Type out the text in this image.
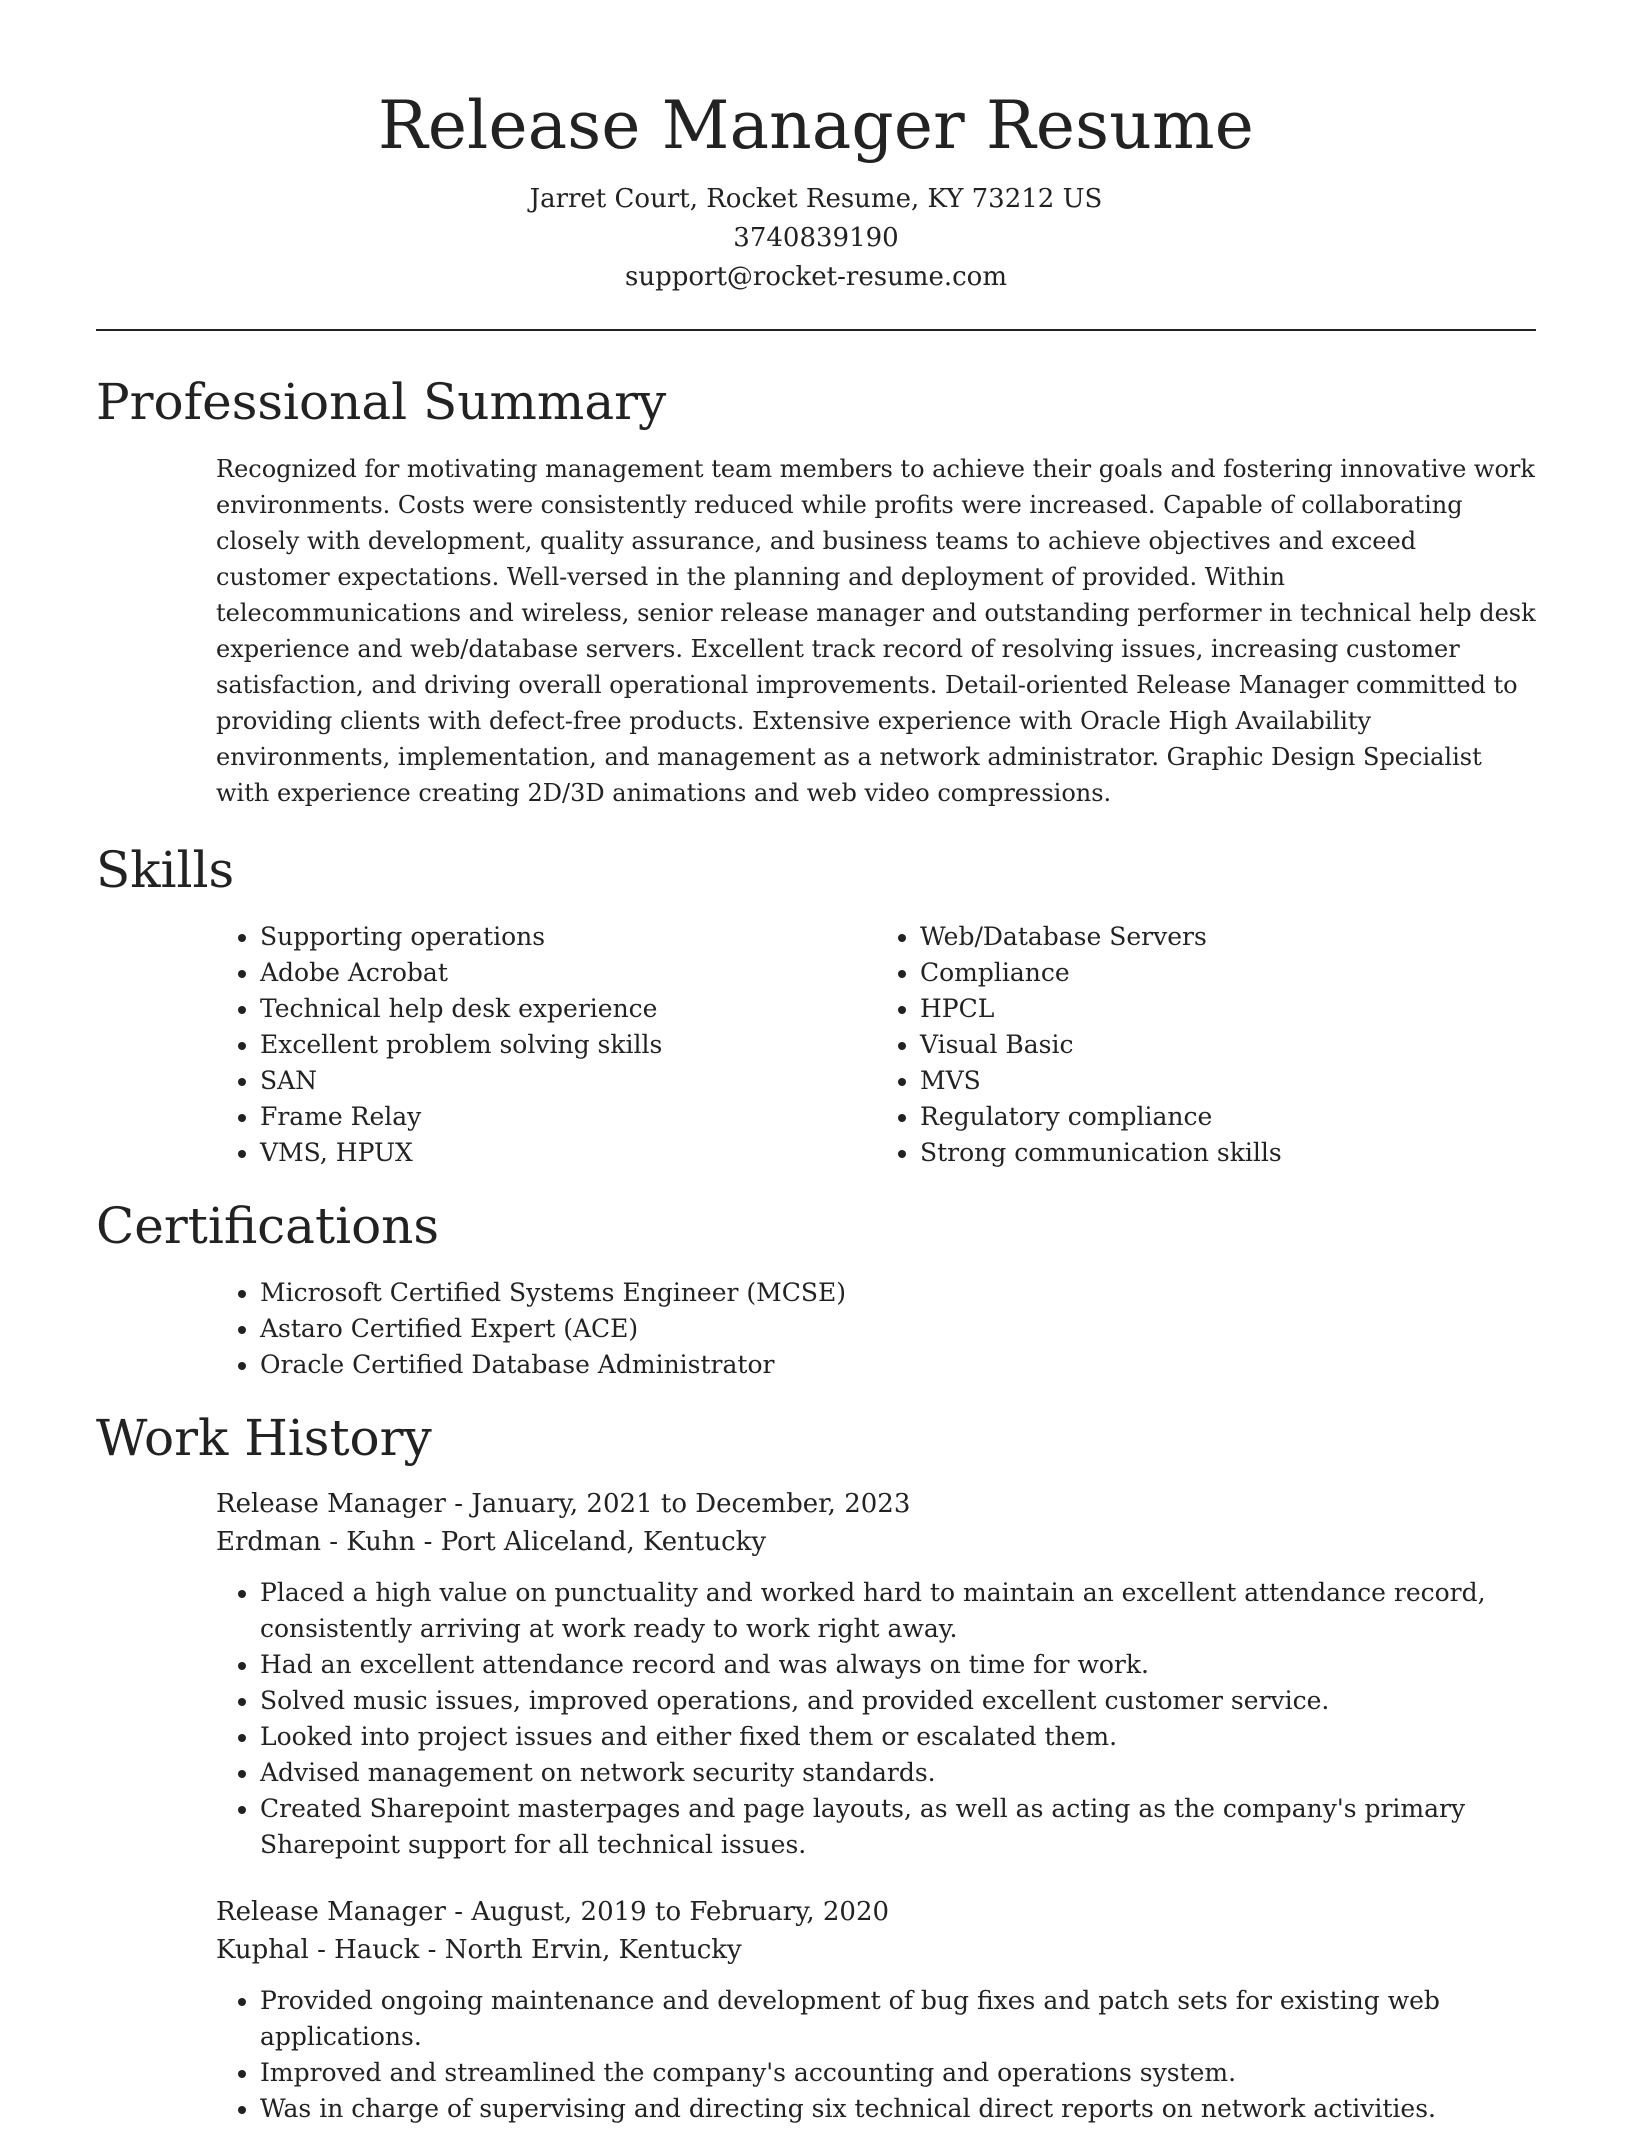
Release Manager Resume
Jarret Court, Rocket Resume, KY 73212 US
3740839190
support@rocket-resume.com
Professional Summary

Recognized for motivating management team members to achieve their goals and fostering innovative work environments. Costs were consistently reduced while profits were increased. Capable of collaborating closely with development, quality assurance, and business teams to achieve objectives and exceed customer expectations. Well-versed in the planning and deployment of provided. Within telecommunications and wireless, senior release manager and outstanding performer in technical help desk experience and web/database servers. Excellent track record of resolving issues, increasing customer satisfaction, and driving overall operational improvements. Detail-oriented Release Manager committed to providing clients with defect-free products. Extensive experience with Oracle High Availability environments, implementation, and management as a network administrator. Graphic Design Specialist with experience creating 2D/3D animations and web video compressions.

Skills
• Supporting operations
• Adobe Acrobat
• Technical help desk experience
• Excellent problem solving skills
• SAN
• Frame Relay
• VMS, HPUX
• Web/Database Servers
• Compliance
• HPCL
• Visual Basic
• MVS
• Regulatory compliance
• Strong communication skills
Certifications
• Microsoft Certified Systems Engineer (MCSE)
• Astaro Certified Expert (ACE)
• Oracle Certified Database Administrator
Work History
Release Manager - January, 2021 to December, 2023
Erdman - Kuhn - Port Aliceland, Kentucky
• Placed a high value on punctuality and worked hard to maintain an excellent attendance record, consistently arriving at work ready to work right away.
• Had an excellent attendance record and was always on time for work.
• Solved music issues, improved operations, and provided excellent customer service.
• Looked into project issues and either fixed them or escalated them.
• Advised management on network security standards.
• Created Sharepoint masterpages and page layouts, as well as acting as the company's primary Sharepoint support for all technical issues.
Release Manager - August, 2019 to February, 2020
Kuphal - Hauck - North Ervin, Kentucky
• Provided ongoing maintenance and development of bug fixes and patch sets for existing web applications.
• Improved and streamlined the company's accounting and operations system.
• Was in charge of supervising and directing six technical direct reports on network activities.
